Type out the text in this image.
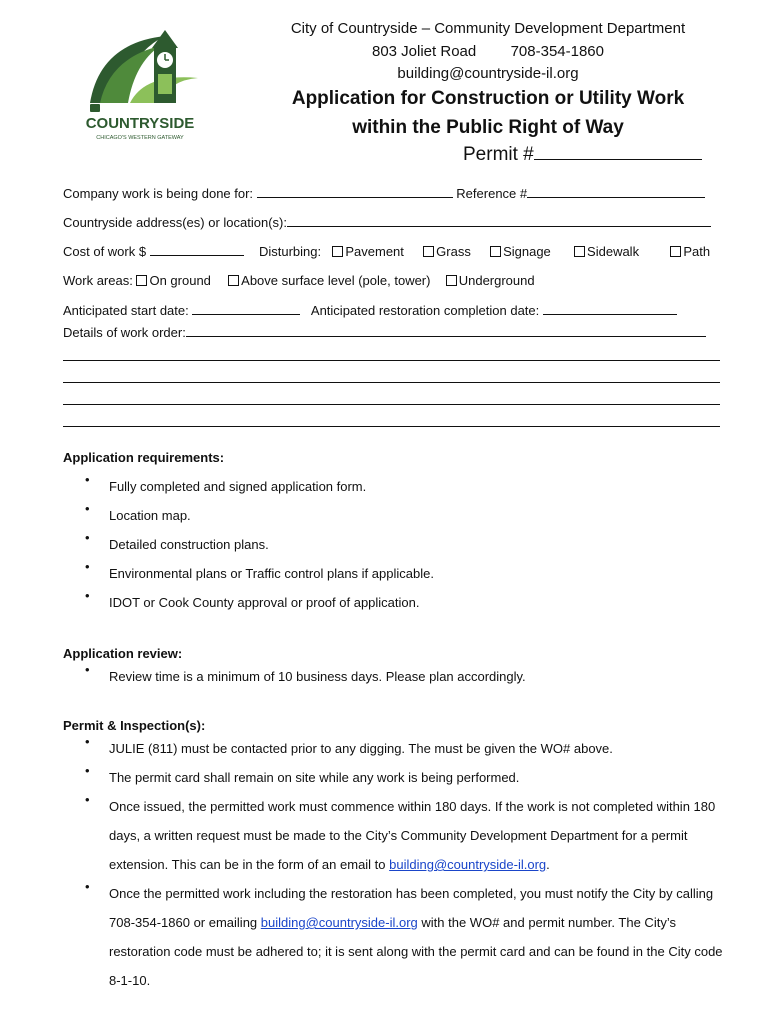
COUNTRYSIDE
CHICAGO'S WESTERN GATEWAY
City of Countryside – Community Development Department
803 Joliet Road 708-354-1860
building@countryside-il.org
Application for Construction or Utility Work
within the Public Right of Way
Permit #
Company work is being done for:	Reference #
Countryside address(es) or location(s):
Cost of work $	Disturbing: Pavement Grass Signage	Sidewalk	Path
Work areas: On ground Above surface level (pole, tower) Underground
Anticipated start date:	Anticipated restoration completion date:
Details of work order:
Application requirements:
• Fully completed and signed application form.
• Location map.
• Detailed construction plans.
• Environmental plans or Traffic control plans if applicable.
• IDOT or Cook County approval or proof of application.
Application review:
• Review time is a minimum of 10 business days. Please plan accordingly.
Permit & Inspection(s):
• JULIE (811) must be contacted prior to any digging. The must be given the WO# above.
• The permit card shall remain on site while any work is being performed.
• Once issued, the permitted work must commence within 180 days. If the work is not completed within 180 days, a written request must be made to the City’s Community Development Department for a permit extension. This can be in the form of an email to building@countryside-il.org.
• Once the permitted work including the restoration has been completed, you must notify the City by calling 708-354-1860 or emailing building@countryside-il.org with the WO# and permit number. The City’s restoration code must be adhered to; it is sent along with the permit card and can be found in the City code 8-1-10.
